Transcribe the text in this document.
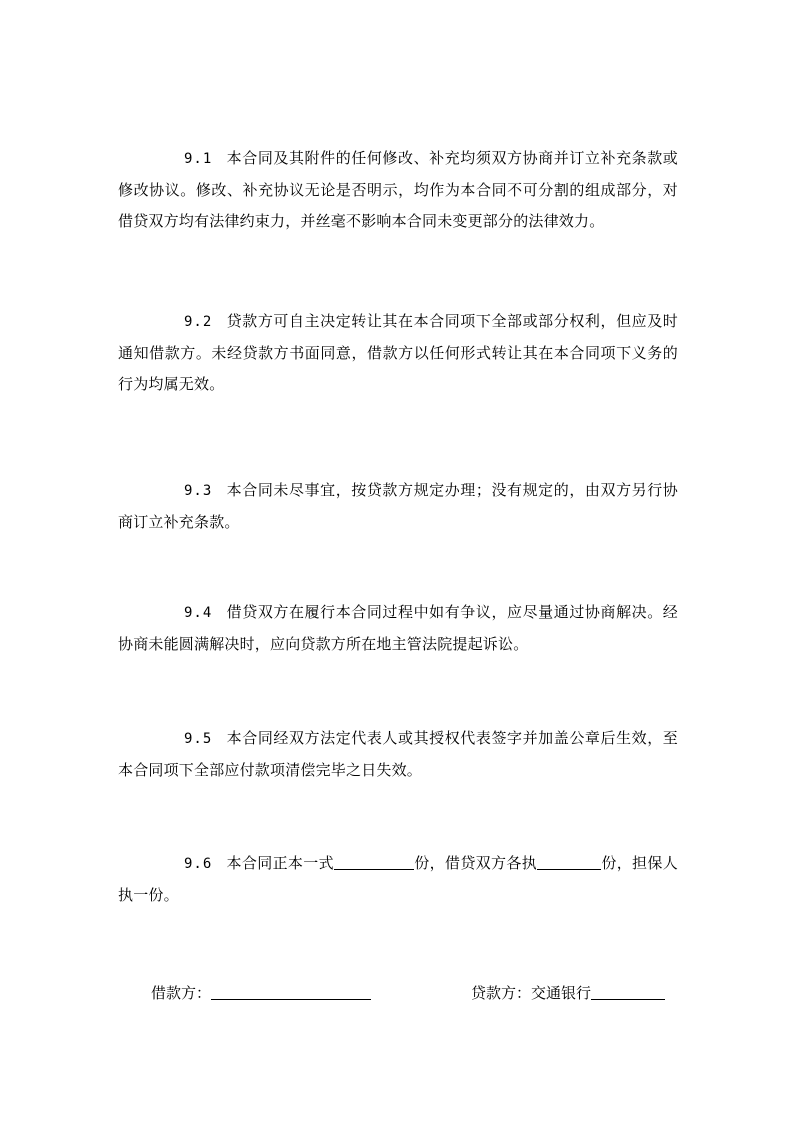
9.1 本合同及其附件的任何修改、补充均须双方协商并订立补充条款或修改协议。修改、补充协议无论是否明示，均作为本合同不可分割的组成部分，对借贷双方均有法律约束力，并丝毫不影响本合同未变更部分的法律效力。

9.2 贷款方可自主决定转让其在本合同项下全部或部分权利，但应及时通知借款方。未经贷款方书面同意，借款方以任何形式转让其在本合同项下义务的行为均属无效。

9.3 本合同未尽事宜，按贷款方规定办理；没有规定的，由双方另行协商订立补充条款。

9.4 借贷双方在履行本合同过程中如有争议，应尽量通过协商解决。经协商未能圆满解决时，应向贷款方所在地主管法院提起诉讼。

9.5 本合同经双方法定代表人或其授权代表签字并加盖公章后生效，至本合同项下全部应付款项清偿完毕之日失效。

9.6 本合同正本一式	份，借贷双方各执	份，担保人执一份。

借款方：	贷款方：交通银行
